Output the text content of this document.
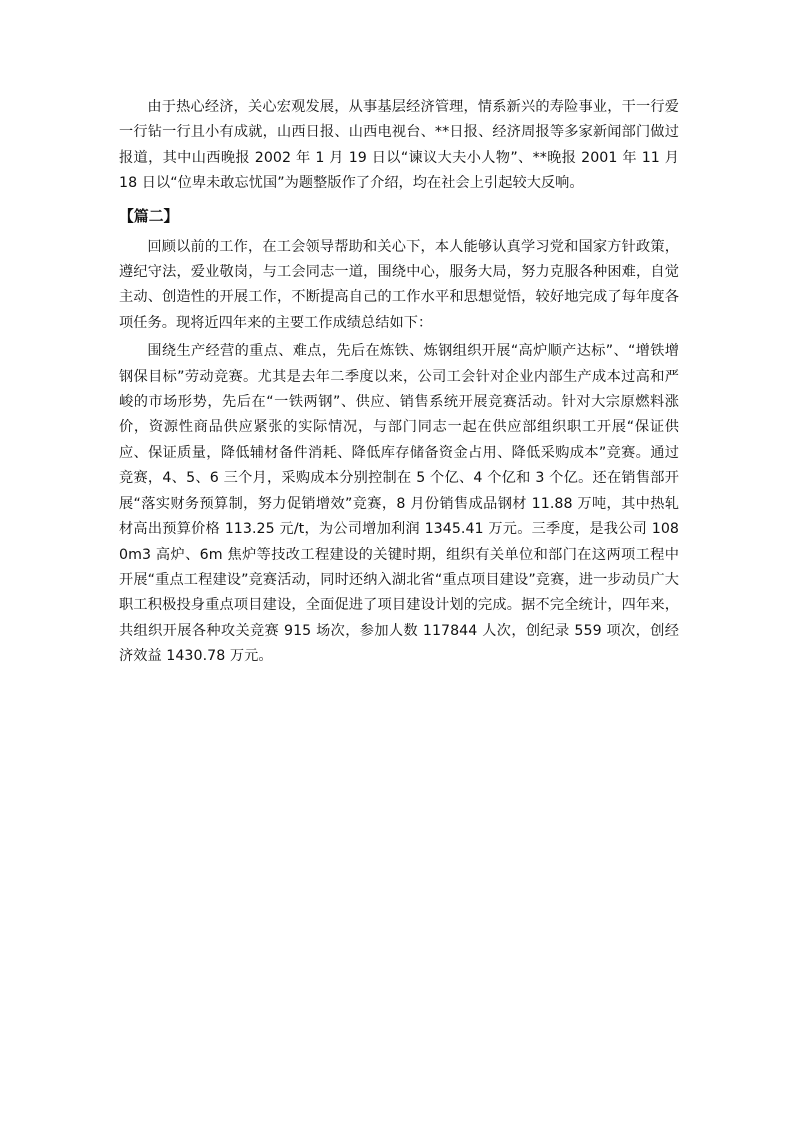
由于热心经济，关心宏观发展，从事基层经济管理，情系新兴的寿险事业，干一行爱一行钻一行且小有成就，山西日报、山西电视台、**日报、经济周报等多家新闻部门做过报道，其中山西晚报 2002 年 1 月 19 日以“谏议大夫小人物”、**晚报 2001 年 11 月 18 日以“位卑未敢忘忧国”为题整版作了介绍，均在社会上引起较大反响。

【篇二】

回顾以前的工作，在工会领导帮助和关心下，本人能够认真学习党和国家方针政策，遵纪守法，爱业敬岗，与工会同志一道，围绕中心，服务大局，努力克服各种困难，自觉主动、创造性的开展工作，不断提高自己的工作水平和思想觉悟，较好地完成了每年度各项任务。现将近四年来的主要工作成绩总结如下：

围绕生产经营的重点、难点，先后在炼铁、炼钢组织开展“高炉顺产达标”、“增铁增钢保目标”劳动竞赛。尤其是去年二季度以来，公司工会针对企业内部生产成本过高和严峻的市场形势，先后在“一铁两钢”、供应、销售系统开展竞赛活动。针对大宗原燃料涨价，资源性商品供应紧张的实际情况，与部门同志一起在供应部组织职工开展“保证供应、保证质量，降低辅材备件消耗、降低库存储备资金占用、降低采购成本”竞赛。通过竞赛，4、5、6 三个月，采购成本分别控制在 5 个亿、4 个亿和 3 个亿。还在销售部开展“落实财务预算制，努力促销增效”竞赛，8 月份销售成品钢材 11.88 万吨，其中热轧材高出预算价格 113.25 元/t，为公司增加利润 1345.41 万元。三季度，是我公司 1080m3 高炉、6m 焦炉等技改工程建设的关键时期，组织有关单位和部门在这两项工程中开展“重点工程建设”竞赛活动，同时还纳入湖北省“重点项目建设”竞赛，进一步动员广大职工积极投身重点项目建设，全面促进了项目建设计划的完成。据不完全统计，四年来，共组织开展各种攻关竞赛 915 场次，参加人数 117844 人次，创纪录 559 项次，创经济效益 1430.78 万元。
